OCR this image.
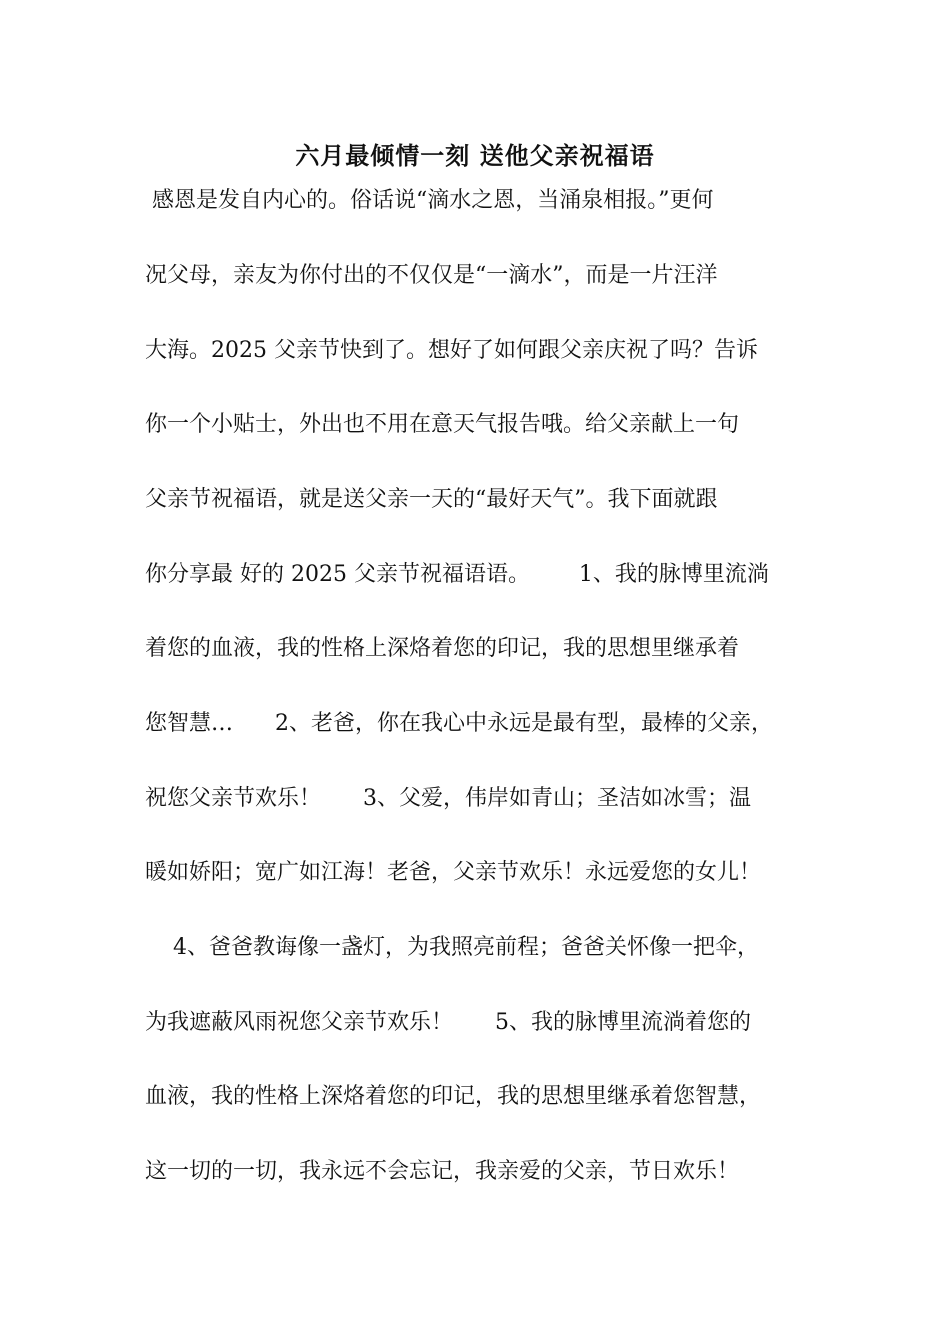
六月最倾情一刻 送他父亲祝福语
感恩是发自内心的。俗话说“滴水之恩，当涌泉相报。”更何
况父母，亲友为你付出的不仅仅是“一滴水”，而是一片汪洋
大海。2025 父亲节快到了。想好了如何跟父亲庆祝了吗？告诉
你一个小贴士，外出也不用在意天气报告哦。给父亲献上一句
父亲节祝福语，就是送父亲一天的“最好天气”。我下面就跟
你分享最 好的 2025 父亲节祝福语语。       1、我的脉博里流淌
着您的血液，我的性格上深烙着您的印记，我的思想里继承着
您智慧…      2、老爸，你在我心中永远是最有型，最棒的父亲，
祝您父亲节欢乐！      3、父爱，伟岸如青山；圣洁如冰雪；温
暖如娇阳；宽广如江海！老爸，父亲节欢乐！永远爱您的女儿！
4、爸爸教诲像一盏灯，为我照亮前程；爸爸关怀像一把伞，
为我遮蔽风雨祝您父亲节欢乐！      5、我的脉博里流淌着您的
血液，我的性格上深烙着您的印记，我的思想里继承着您智慧，
这一切的一切，我永远不会忘记，我亲爱的父亲，节日欢乐！
